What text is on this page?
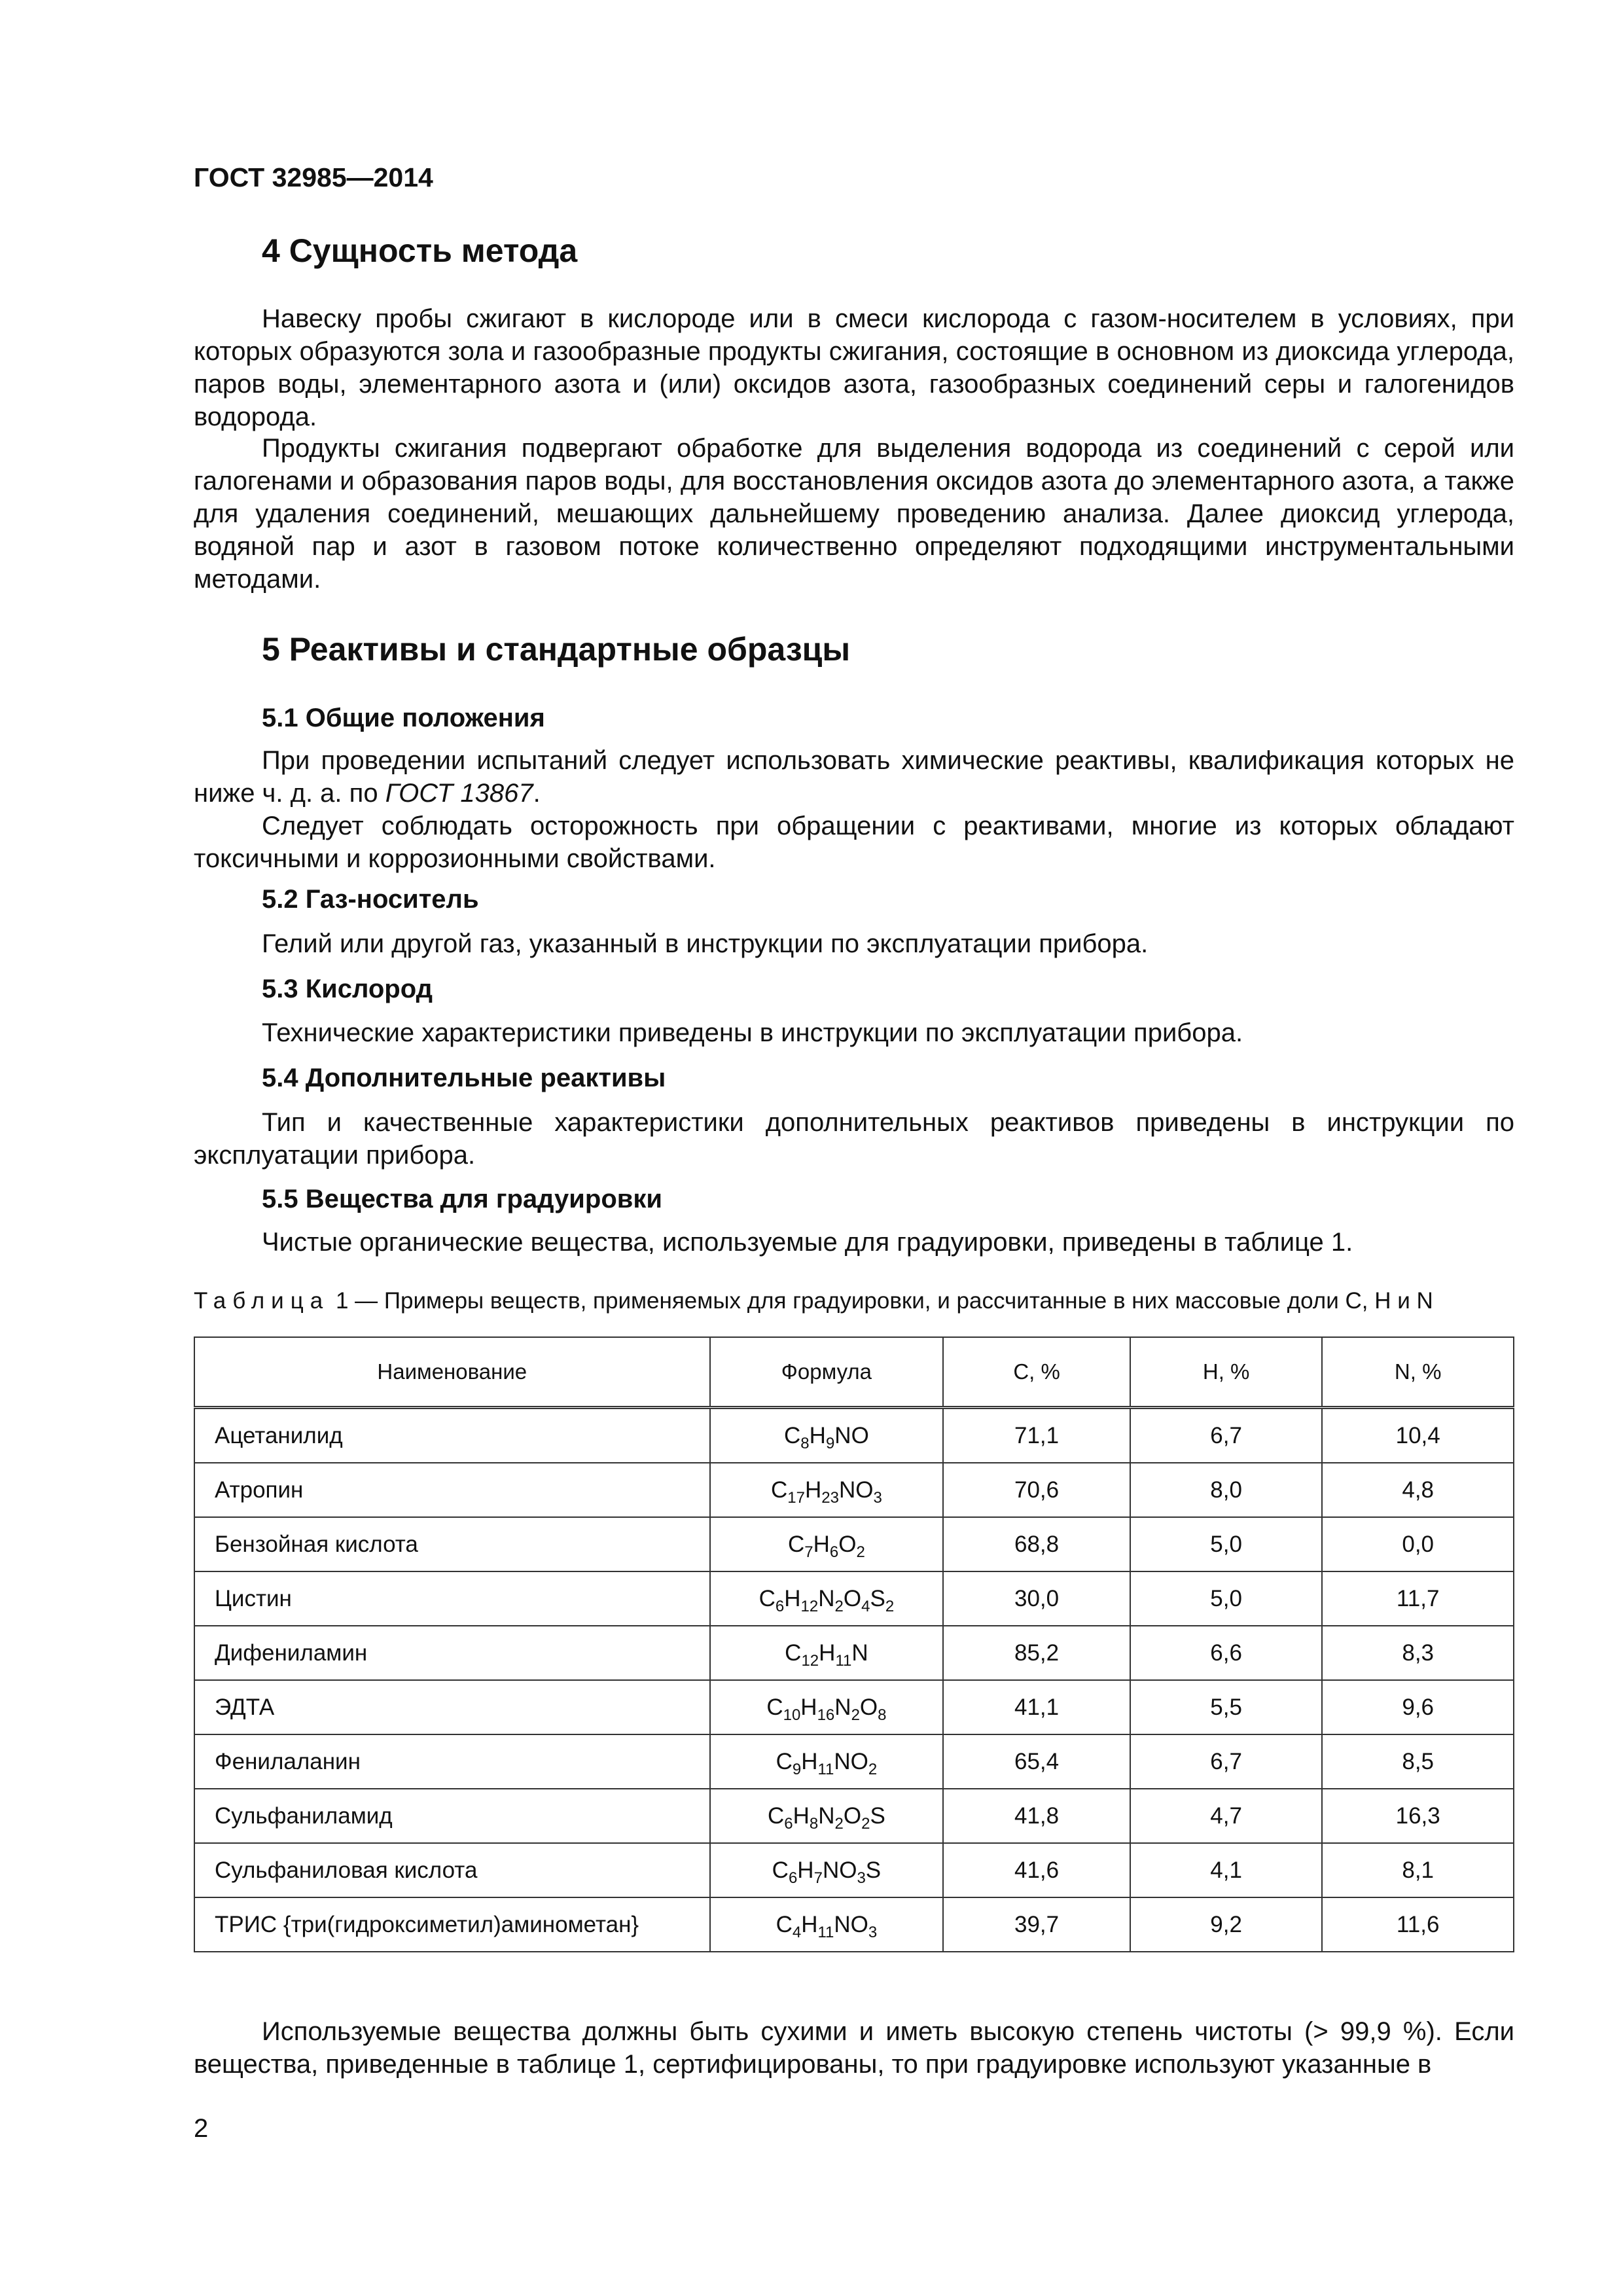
ГОСТ 32985—2014
4 Сущность метода

Навеску пробы сжигают в кислороде или в смеси кислорода с газом-носителем в условиях, при которых образуются зола и газообразные продукты сжигания, состоящие в основном из диоксида углерода, паров воды, элементарного азота и (или) оксидов азота, газообразных соединений серы и галогенидов водорода.

Продукты сжигания подвергают обработке для выделения водорода из соединений с серой или галогенами и образования паров воды, для восстановления оксидов азота до элементарного азота, а также для удаления соединений, мешающих дальнейшему проведению анализа. Далее диоксид углерода, водяной пар и азот в газовом потоке количественно определяют подходящими инструментальными методами.

5 Реактивы и стандартные образцы
5.1 Общие положения

При проведении испытаний следует использовать химические реактивы, квалификация которых не ниже ч. д. а. по ГОСТ 13867.

Следует соблюдать осторожность при обращении с реактивами, многие из которых обладают токсичными и коррозионными свойствами.

5.2 Газ-носитель

Гелий или другой газ, указанный в инструкции по эксплуатации прибора.

5.3 Кислород

Технические характеристики приведены в инструкции по эксплуатации прибора.

5.4 Дополнительные реактивы

Тип и качественные характеристики дополнительных реактивов приведены в инструкции по эксплуатации прибора.

5.5 Вещества для градуировки

Чистые органические вещества, используемые для градуировки, приведены в таблице 1.

Таблица 1 — Примеры веществ, применяемых для градуировки, и рассчитанные в них массовые доли С, Н и N
Наименование	Формула	С, %	Н, %	N, %
Ацетанилид	$C_8H_9NO$	71,1	6,7	10,4
Атропин	$C_{17}H_{23}NO_3$	70,6	8,0	4,8
Бензойная кислота	$C_7H_6O_2$	68,8	5,0	0,0
Цистин	$C_6H_{12}N_2O_4S_2$	30,0	5,0	11,7
Дифениламин	$C_{12}H_{11}N$	85,2	6,6	8,3
ЭДТА	$C_{10}H_{16}N_2O_8$	41,1	5,5	9,6
Фенилаланин	$C_9H_{11}NO_2$	65,4	6,7	8,5
Сульфаниламид	$C_6H_8N_2O_2S$	41,8	4,7	16,3
Сульфаниловая кислота	$C_6H_7NO_3S$	41,6	4,1	8,1
ТРИС {три(гидроксиметил)аминометан}	$C_4H_{11}NO_3$	39,7	9,2	11,6

Используемые вещества должны быть сухими и иметь высокую степень чистоты (> 99,9 %). Если вещества, приведенные в таблице 1, сертифицированы, то при градуировке используют указанные в

2
